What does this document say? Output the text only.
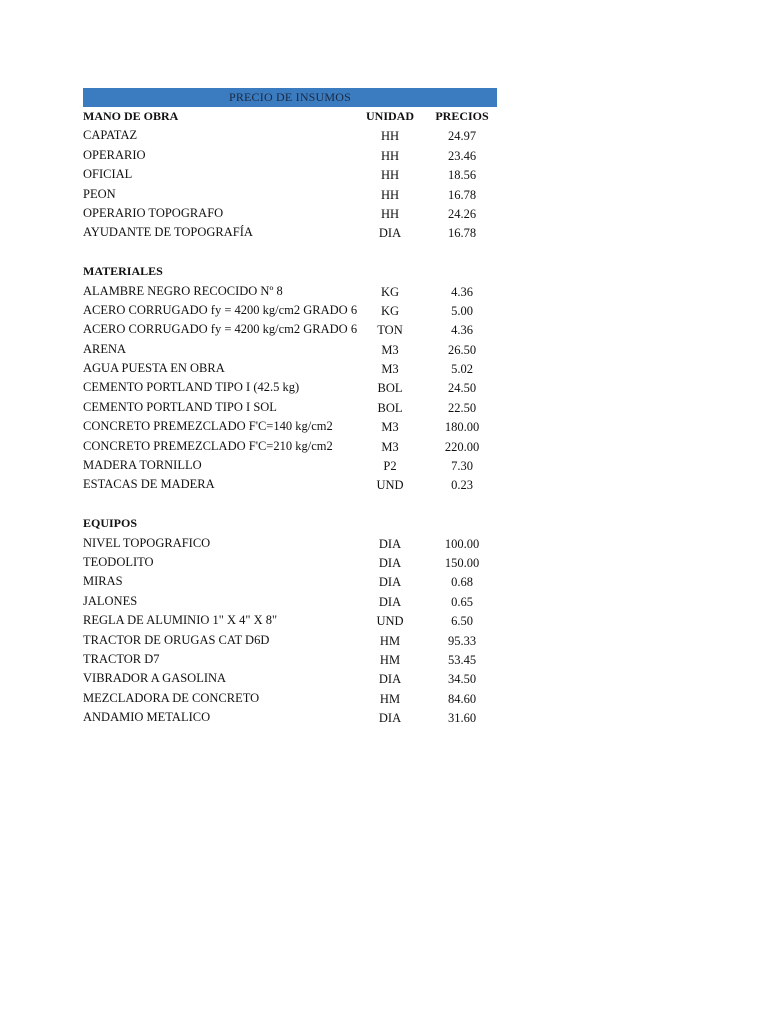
PRECIO DE INSUMOS
MANO DE OBRA	UNIDAD	PRECIOS
CAPATAZ	HH	24.97
OPERARIO	HH	23.46
OFICIAL	HH	18.56
PEON	HH	16.78
OPERARIO TOPOGRAFO	HH	24.26
AYUDANTE DE TOPOGRAFÍA	DIA	16.78
MATERIALES
ALAMBRE NEGRO RECOCIDO Nº 8	KG	4.36
ACERO CORRUGADO fy = 4200 kg/cm2 GRADO 6	KG	5.00
ACERO CORRUGADO fy = 4200 kg/cm2 GRADO 6	TON	4.36
ARENA	M3	26.50
AGUA PUESTA EN OBRA	M3	5.02
CEMENTO PORTLAND TIPO I (42.5 kg)	BOL	24.50
CEMENTO PORTLAND TIPO I SOL	BOL	22.50
CONCRETO PREMEZCLADO F'C=140 kg/cm2	M3	180.00
CONCRETO PREMEZCLADO F'C=210 kg/cm2	M3	220.00
MADERA TORNILLO	P2	7.30
ESTACAS DE MADERA	UND	0.23
EQUIPOS
NIVEL TOPOGRAFICO	DIA	100.00
TEODOLITO	DIA	150.00
MIRAS	DIA	0.68
JALONES	DIA	0.65
REGLA DE ALUMINIO 1" X 4" X 8"	UND	6.50
TRACTOR DE ORUGAS CAT D6D	HM	95.33
TRACTOR D7	HM	53.45
VIBRADOR A GASOLINA	DIA	34.50
MEZCLADORA DE CONCRETO	HM	84.60
ANDAMIO METALICO	DIA	31.60
